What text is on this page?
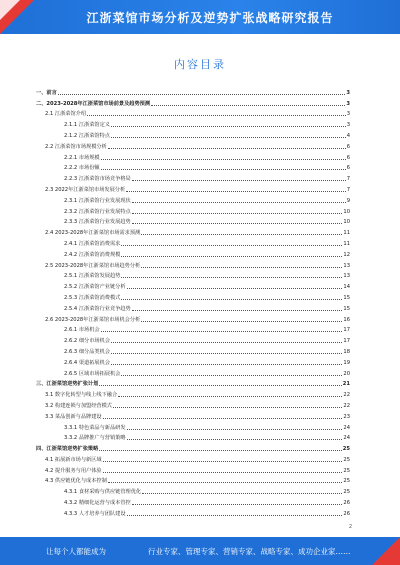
江浙菜馆市场分析及逆势扩张战略研究报告
内容目录
一、前言	3
二、2023-2028年江浙菜馆市场前景及趋势预测	3
2.1 江浙菜馆介绍	3
2.1.1 江浙菜馆定义	3
2.1.2 江浙菜馆特点	4
2.2 江浙菜馆市场规模分析	6
2.2.1 市场规模	6
2.2.2 市场份额	6
2.2.3 江浙菜馆市场竞争格局	7
2.3 2022年江浙菜馆市场发展分析	7
2.3.1 江浙菜馆行业发展现状	9
2.3.2 江浙菜馆行业发展特点	10
2.3.3 江浙菜馆行业发展趋势	10
2.4 2023-2028年江浙菜馆市场需求预测	11
2.4.1 江浙菜馆消费需求	11
2.4.2 江浙菜馆消费规模	12
2.5 2023-2028年江浙菜馆市场趋势分析	13
2.5.1 江浙菜馆发展趋势	13
2.5.2 江浙菜馆产业链分析	14
2.5.3 江浙菜馆消费模式	15
2.5.4 江浙菜馆行业竞争趋势	15
2.6 2023-2028年江浙菜馆市场机会分析	16
2.6.1 市场机会	17
2.6.2 细分市场机会	17
2.6.3 细分品类机会	18
2.6.4 渠道拓展机会	19
2.6.5 区域市场拓展机会	20
三、江浙菜馆逆势扩张计划	21
3.1 数字化转型与线上线下融合	22
3.2 构建连锁与加盟经营模式	22
3.3 菜品创新与品牌建设	23
3.3.1 特色菜品与新品研发	24
3.3.2 品牌推广与营销策略	24
四、江浙菜馆逆势扩张策略	25
4.1 拓展新市场与新区域	25
4.2 提升服务与用户体验	25
4.3 供应链优化与成本控制	25
4.3.1 食材采购与供应链管理优化	25
4.3.2 精细化运营与成本管控	26
4.3.3 人才培养与团队建设	26
2
让每个人都能成为	行业专家、管理专家、营销专家、战略专家、成功企业家……
